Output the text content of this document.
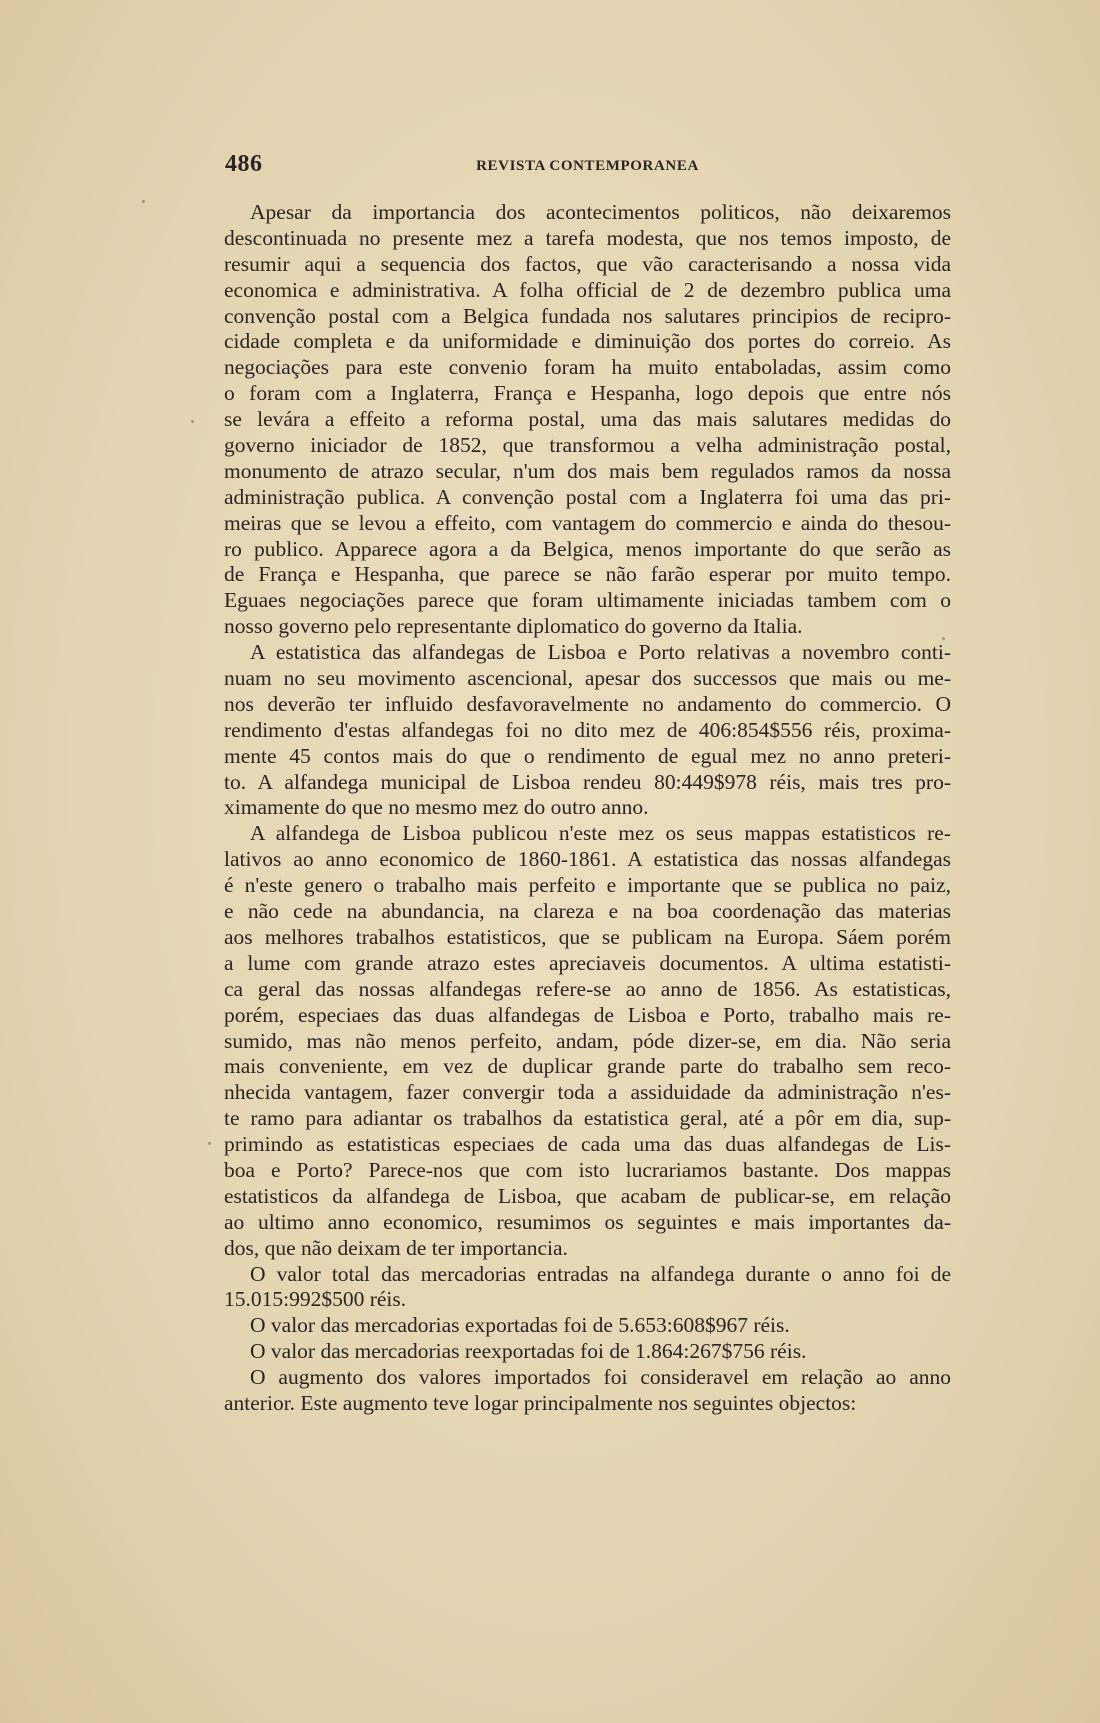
486	REVISTA CONTEMPORANEA
Apesar da importancia dos acontecimentos politicos, não deixaremos
descontinuada no presente mez a tarefa modesta, que nos temos imposto, de
resumir aqui a sequencia dos factos, que vão caracterisando a nossa vida
economica e administrativa. A folha official de 2 de dezembro publica uma
convenção postal com a Belgica fundada nos salutares principios de recipro-
cidade completa e da uniformidade e diminuição dos portes do correio. As
negociações para este convenio foram ha muito entaboladas, assim como
o foram com a Inglaterra, França e Hespanha, logo depois que entre nós
se levára a effeito a reforma postal, uma das mais salutares medidas do
governo iniciador de 1852, que transformou a velha administração postal,
monumento de atrazo secular, n'um dos mais bem regulados ramos da nossa
administração publica. A convenção postal com a Inglaterra foi uma das pri-
meiras que se levou a effeito, com vantagem do commercio e ainda do thesou-
ro publico. Apparece agora a da Belgica, menos importante do que serão as
de França e Hespanha, que parece se não farão esperar por muito tempo.
Eguaes negociações parece que foram ultimamente iniciadas tambem com o
nosso governo pelo representante diplomatico do governo da Italia.
A estatistica das alfandegas de Lisboa e Porto relativas a novembro conti-
nuam no seu movimento ascencional, apesar dos successos que mais ou me-
nos deverão ter influido desfavoravelmente no andamento do commercio. O
rendimento d'estas alfandegas foi no dito mez de 406:854$556 réis, proxima-
mente 45 contos mais do que o rendimento de egual mez no anno preteri-
to. A alfandega municipal de Lisboa rendeu 80:449$978 réis, mais tres pro-
ximamente do que no mesmo mez do outro anno.
A alfandega de Lisboa publicou n'este mez os seus mappas estatisticos re-
lativos ao anno economico de 1860-1861. A estatistica das nossas alfandegas
é n'este genero o trabalho mais perfeito e importante que se publica no paiz,
e não cede na abundancia, na clareza e na boa coordenação das materias
aos melhores trabalhos estatisticos, que se publicam na Europa. Sáem porém
a lume com grande atrazo estes apreciaveis documentos. A ultima estatisti-
ca geral das nossas alfandegas refere-se ao anno de 1856. As estatisticas,
porém, especiaes das duas alfandegas de Lisboa e Porto, trabalho mais re-
sumido, mas não menos perfeito, andam, póde dizer-se, em dia. Não seria
mais conveniente, em vez de duplicar grande parte do trabalho sem reco-
nhecida vantagem, fazer convergir toda a assiduidade da administração n'es-
te ramo para adiantar os trabalhos da estatistica geral, até a pôr em dia, sup-
primindo as estatisticas especiaes de cada uma das duas alfandegas de Lis-
boa e Porto? Parece-nos que com isto lucrariamos bastante. Dos mappas
estatisticos da alfandega de Lisboa, que acabam de publicar-se, em relação
ao ultimo anno economico, resumimos os seguintes e mais importantes da-
dos, que não deixam de ter importancia.
O valor total das mercadorias entradas na alfandega durante o anno foi de
15.015:992$500 réis.
O valor das mercadorias exportadas foi de 5.653:608$967 réis.
O valor das mercadorias reexportadas foi de 1.864:267$756 réis.
O augmento dos valores importados foi consideravel em relação ao anno
anterior. Este augmento teve logar principalmente nos seguintes objectos:
